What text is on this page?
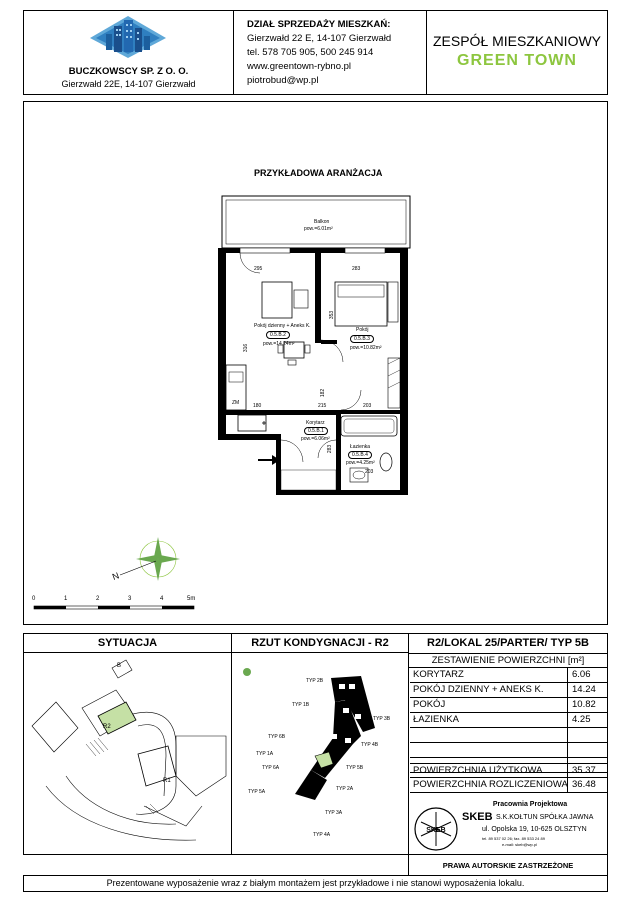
BUCZKOWSCY SP. Z O. O.
Gierzwałd 22E, 14-107 Gierzwałd
DZIAŁ SPRZEDAŻY MIESZKAŃ:
Gierzwałd 22 E, 14-107 Gierzwałd
tel. 578 705 905, 500 245 914
www.greentown-rybno.pl
piotrobud@wp.pl
ZESPÓŁ MIESZKANIOWY
GREEN TOWN
PRZYKŁADOWA ARANŻACJA
Balkon
pow.=6.01m²
295	283
Pokój dzienny + Aneks K.
0.5.B.2
pow.=14.24m²
Pokój
0.5.B.3
pow.=10.82m²
353
316
182
180	215	203
ZM
Korytarz
0.5.B.1
pow.=6.06m²
283	Łazienka
0.5.B.4
pow.=4.25m²
203
N
0	1	2	3	4	5m
SYTUACJA
R2
R1
B
RZUT KONDYGNACJI - R2
TYP 2B
TYP 1B
TYP 6B
TYP 1A
TYP 6A
TYP 5A	TYP 2A
TYP 3A
TYP 4A
TYP 3B
TYP 4B
TYP 5B
R2/LOKAL 25/PARTER/ TYP 5B
ZESTAWIENIE POWIERZCHNI [m²]
KORYTARZ	6.06
POKÓJ DZIENNY + ANEKS K.	14.24
POKÓJ	10.82
ŁAZIENKA	4.25
POWIERZCHNIA UŻYTKOWA	35.37
POWIERZCHNIA ROZLICZENIOWA 36.48
Pracownia Projektowa
SKEB
SKEB S.K.KOŁTUN SPÓŁKA JAWNA
ul. Opolska 19, 10-625 OLSZTYN
tel. 89 537 02 26; fax. 89 533 24 89
e-mail: skeb@wp.pl
PRAWA AUTORSKIE ZASTRZEŻONE
Prezentowane wyposażenie wraz z białym montażem jest przykładowe i nie stanowi wyposażenia lokalu.
